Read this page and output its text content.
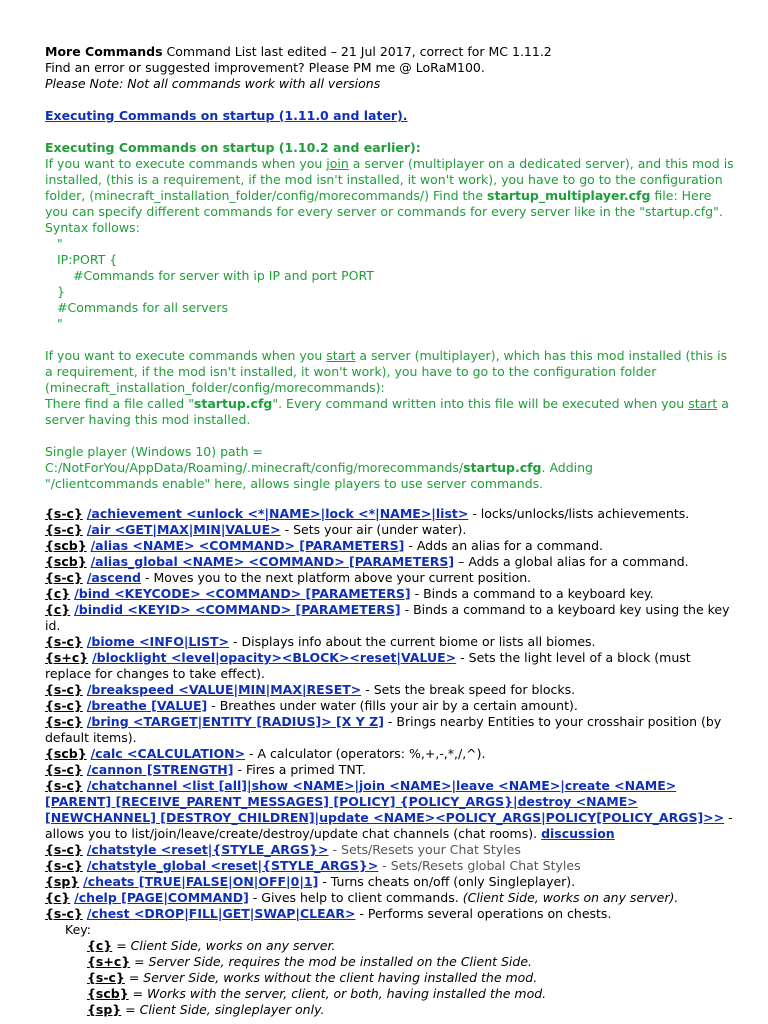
More Commands Command List last edited – 21 Jul 2017, correct for MC 1.11.2

Find an error or suggested improvement? Please PM me @ LoRaM100.

Please Note: Not all commands work with all versions

Executing Commands on startup (1.11.0 and later).

Executing Commands on startup (1.10.2 and earlier):

If you want to execute commands when you join a server (multiplayer on a dedicated server), and this mod is installed, (this is a requirement, if the mod isn't installed, it won't work), you have to go to the configuration folder, (minecraft_installation_folder/config/morecommands/) Find the startup_multiplayer.cfg file: Here you can specify different commands for every server or commands for every server like in the "startup.cfg". Syntax follows:

"

IP:PORT {

#Commands for server with ip IP and port PORT

}

#Commands for all servers

"

If you want to execute commands when you start a server (multiplayer), which has this mod installed (this is a requirement, if the mod isn't installed, it won't work), you have to go to the configuration folder (minecraft_installation_folder/config/morecommands):

There find a file called "startup.cfg". Every command written into this file will be executed when you start a server having this mod installed.

Single player (Windows 10) path =

C:/NotForYou/AppData/Roaming/.minecraft/config/morecommands/startup.cfg. Adding

"/clientcommands enable" here, allows single players to use server commands.

{s-c} /achievement <unlock <*|NAME>|lock <*|NAME>|list> - locks/unlocks/lists achievements.

{s-c} /air <GET|MAX|MIN|VALUE> - Sets your air (under water).

{scb} /alias <NAME> <COMMAND> [PARAMETERS] - Adds an alias for a command.

{scb} /alias_global <NAME> <COMMAND> [PARAMETERS] – Adds a global alias for a command.

{s-c} /ascend - Moves you to the next platform above your current position.

{c} /bind <KEYCODE> <COMMAND> [PARAMETERS] - Binds a command to a keyboard key.

{c} /bindid <KEYID> <COMMAND> [PARAMETERS] - Binds a command to a keyboard key using the key id.

{s-c} /biome <INFO|LIST> - Displays info about the current biome or lists all biomes.

{s+c} /blocklight <level|opacity><BLOCK><reset|VALUE> - Sets the light level of a block (must replace for changes to take effect).

{s-c} /breakspeed <VALUE|MIN|MAX|RESET> - Sets the break speed for blocks.

{s-c} /breathe [VALUE] - Breathes under water (fills your air by a certain amount).

{s-c} /bring <TARGET|ENTITY [RADIUS]> [X Y Z] - Brings nearby Entities to your crosshair position (by default items).

{scb} /calc <CALCULATION> - A calculator (operators: %,+,-,*,/,^).

{s-c} /cannon [STRENGTH] - Fires a primed TNT.

{s-c} /chatchannel <list [all]|show <NAME>|join <NAME>|leave <NAME>|create <NAME> [PARENT] [RECEIVE_PARENT_MESSAGES] [POLICY] {POLICY_ARGS}|destroy <NAME> [NEWCHANNEL] [DESTROY_CHILDREN]|update <NAME><POLICY_ARGS|POLICY[POLICY_ARGS]>> - allows you to list/join/leave/create/destroy/update chat channels (chat rooms). discussion

{s-c} /chatstyle <reset|{STYLE_ARGS}> - Sets/Resets your Chat Styles

{s-c} /chatstyle_global <reset|{STYLE_ARGS}> - Sets/Resets global Chat Styles

{sp} /cheats [TRUE|FALSE|ON|OFF|0|1] - Turns cheats on/off (only Singleplayer).

{c} /chelp [PAGE|COMMAND] - Gives help to client commands. (Client Side, works on any server).

{s-c} /chest <DROP|FILL|GET|SWAP|CLEAR> - Performs several operations on chests.

Key:

{c} = Client Side, works on any server.

{s+c} = Server Side, requires the mod be installed on the Client Side.

{s-c} = Server Side, works without the client having installed the mod.

{scb} = Works with the server, client, or both, having installed the mod.

{sp} = Client Side, singleplayer only.
